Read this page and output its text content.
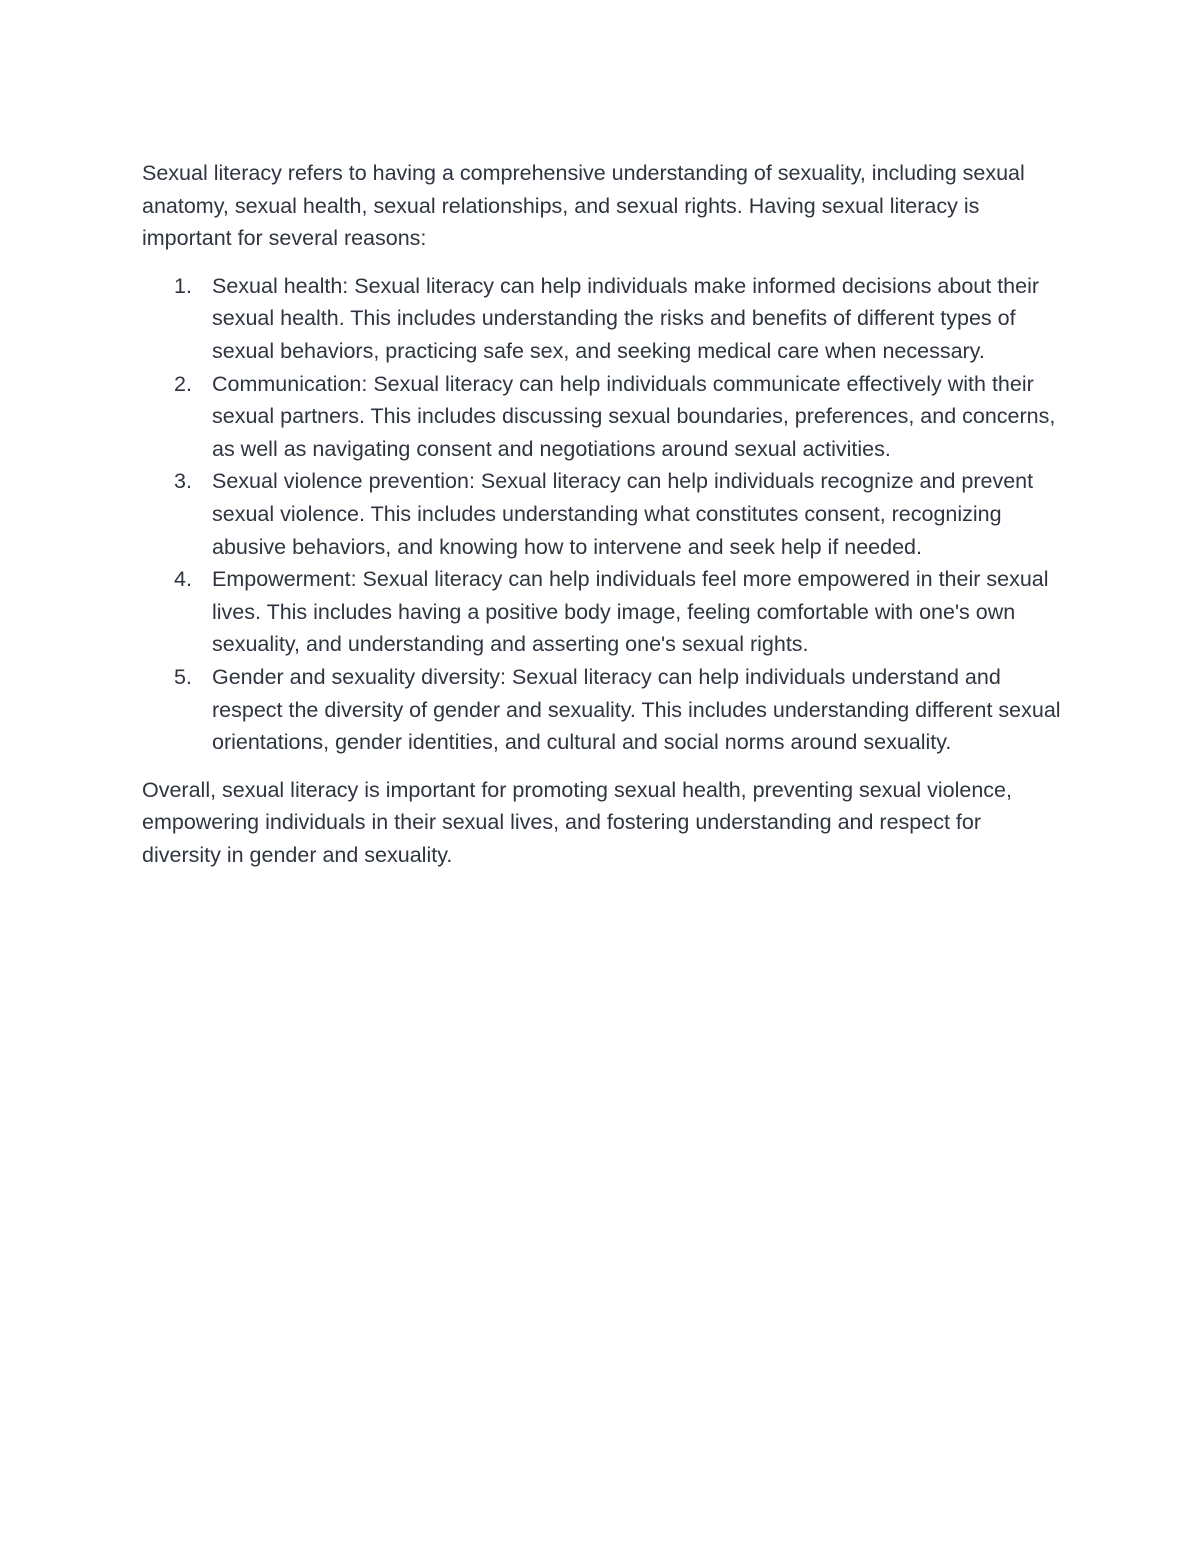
Sexual literacy refers to having a comprehensive understanding of sexuality, including sexual anatomy, sexual health, sexual relationships, and sexual rights. Having sexual literacy is important for several reasons:

1. Sexual health: Sexual literacy can help individuals make informed decisions about their sexual health. This includes understanding the risks and benefits of different types of sexual behaviors, practicing safe sex, and seeking medical care when necessary.
2. Communication: Sexual literacy can help individuals communicate effectively with their sexual partners. This includes discussing sexual boundaries, preferences, and concerns, as well as navigating consent and negotiations around sexual activities.
3. Sexual violence prevention: Sexual literacy can help individuals recognize and prevent sexual violence. This includes understanding what constitutes consent, recognizing abusive behaviors, and knowing how to intervene and seek help if needed.
4. Empowerment: Sexual literacy can help individuals feel more empowered in their sexual lives. This includes having a positive body image, feeling comfortable with one's own sexuality, and understanding and asserting one's sexual rights.
5. Gender and sexuality diversity: Sexual literacy can help individuals understand and respect the diversity of gender and sexuality. This includes understanding different sexual orientations, gender identities, and cultural and social norms around sexuality.

Overall, sexual literacy is important for promoting sexual health, preventing sexual violence, empowering individuals in their sexual lives, and fostering understanding and respect for diversity in gender and sexuality.
